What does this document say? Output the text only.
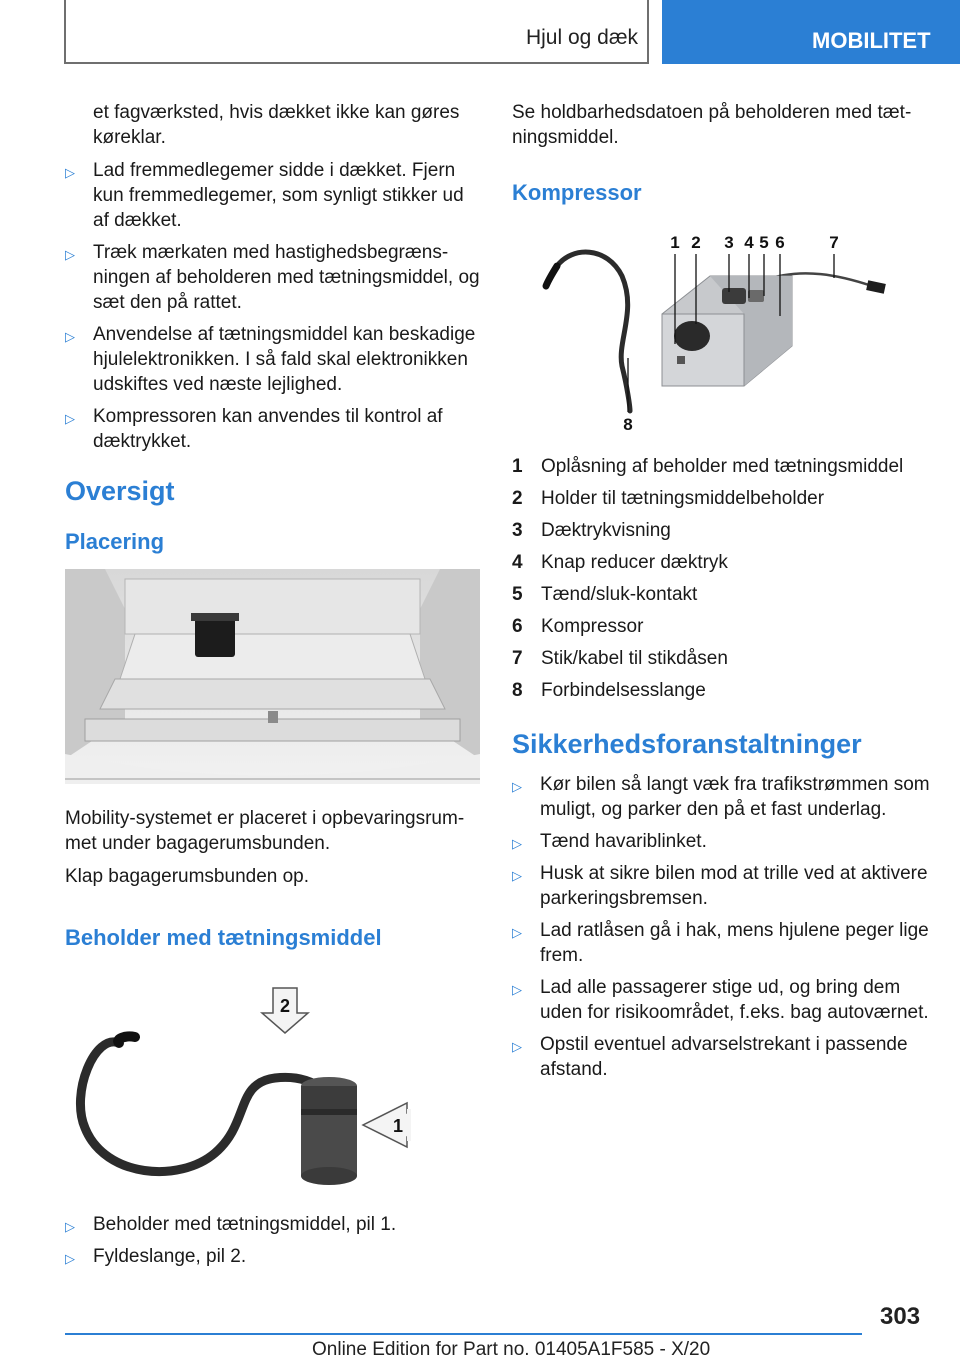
Hjul og dæk	MOBILITET

et fagværksted, hvis dækket ikke kan gøres køreklar.

▷ Lad fremmedlegemer sidde i dækket. Fjern kun fremmedlegemer, som synligt stikker ud af dækket.
▷ Træk mærkaten med hastighedsbegrænsningen af beholderen med tætningsmiddel, og sæt den på rattet.
▷ Anvendelse af tætningsmiddel kan beskadige hjulelektronikken. I så fald skal elektronikken udskiftes ved næste lejlighed.
▷ Kompressoren kan anvendes til kontrol af dæktrykket.
Oversigt
Placering

Mobility-systemet er placeret i opbevaringsrummet under bagagerumsbunden.

Klap bagagerumsbunden op.

Beholder med tætningsmiddel
2
1
▷ Beholder med tætningsmiddel, pil 1.
▷ Fyldeslange, pil 2.

Se holdbarhedsdatoen på beholderen med tætningsmiddel.

Kompressor
1 2 3 4 5 6	7
8
1 Oplåsning af beholder med tætningsmiddel
2 Holder til tætningsmiddelbeholder
3 Dæktrykvisning
4 Knap reducer dæktryk
5 Tænd/sluk-kontakt
6 Kompressor
7 Stik/kabel til stikdåsen
8 Forbindelsesslange
Sikkerhedsforanstaltninger
▷ Kør bilen så langt væk fra trafikstrømmen som muligt, og parker den på et fast underlag.
▷ Tænd havariblinket.
▷ Husk at sikre bilen mod at trille ved at aktivere parkeringsbremsen.
▷ Lad ratlåsen gå i hak, mens hjulene peger lige frem.
▷ Lad alle passagerer stige ud, og bring dem uden for risikoområdet, f.eks. bag autoværnet.
▷ Opstil eventuel advarselstrekant i passende afstand.
303
Online Edition for Part no. 01405A1F585 - X/20
